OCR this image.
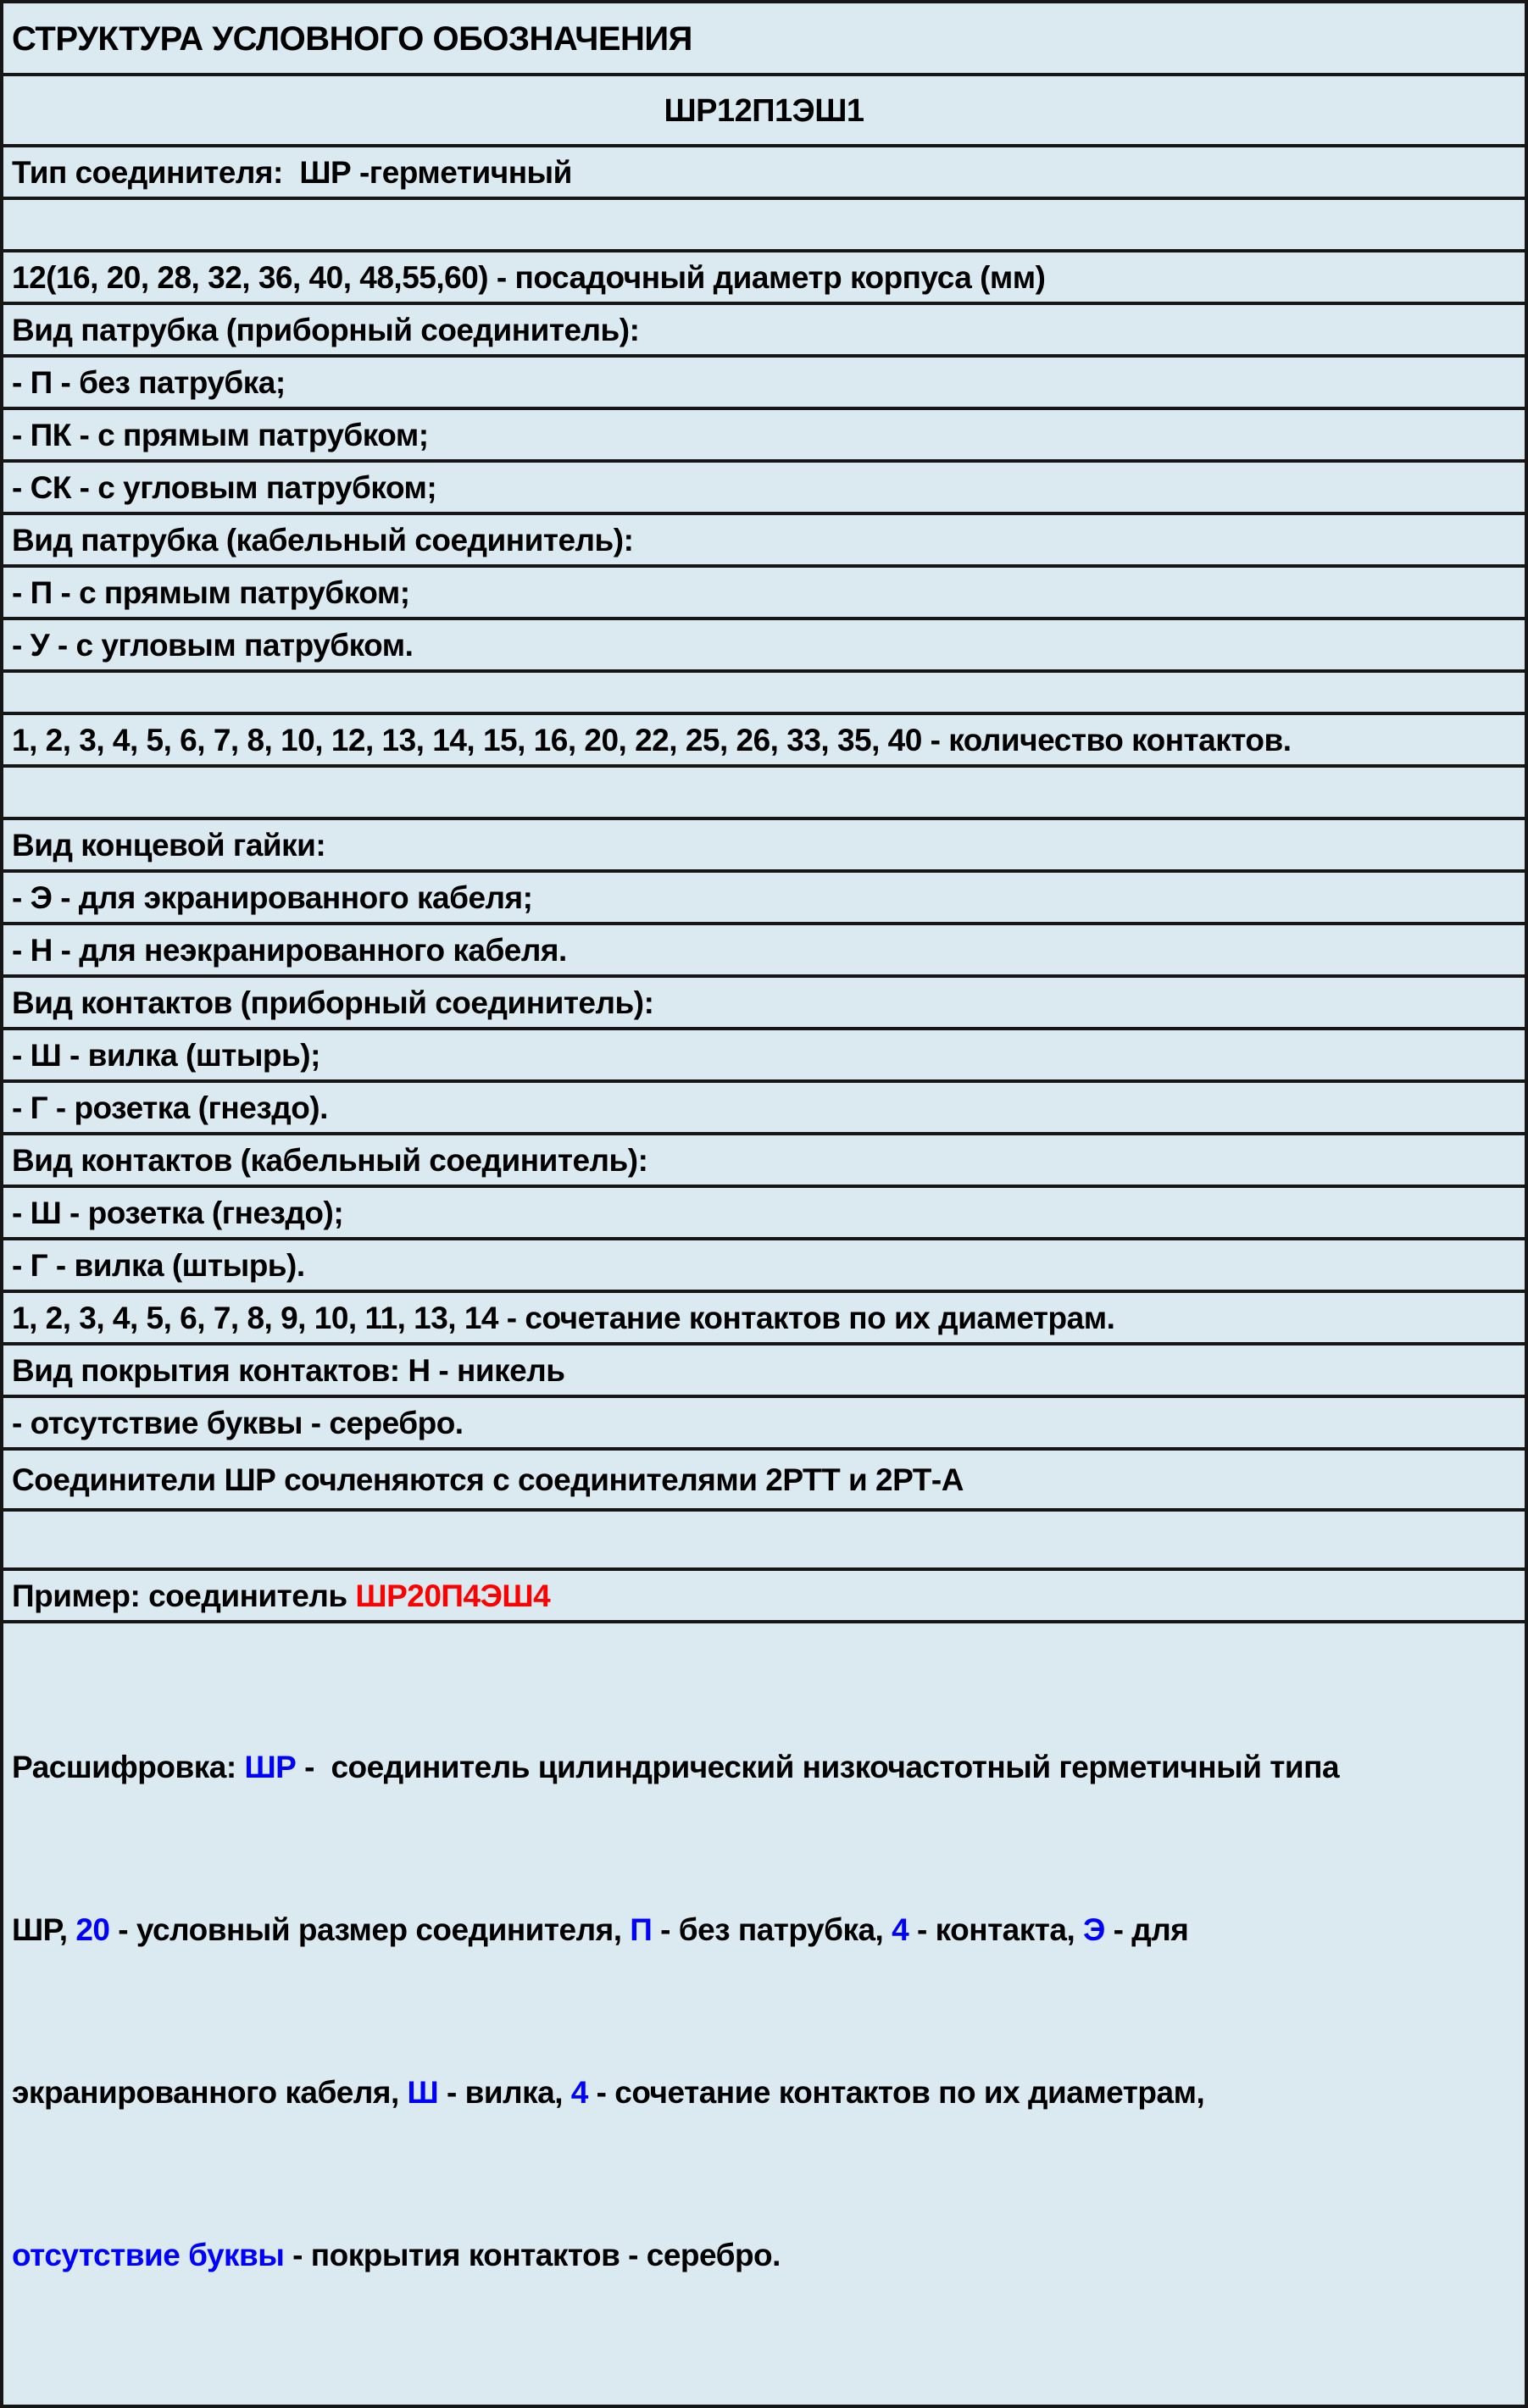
СТРУКТУРА УСЛОВНОГО ОБОЗНАЧЕНИЯ
ШР12П1ЭШ1
Тип соединителя:  ШР -герметичный
12(16, 20, 28, 32, 36, 40, 48,55,60) - посадочный диаметр корпуса (мм)
Вид патрубка (приборный соединитель):
- П - без патрубка;
- ПК - с прямым патрубком;
- СК - с угловым патрубком;
Вид патрубка (кабельный соединитель):
- П - с прямым патрубком;
- У - с угловым патрубком.
1, 2, 3, 4, 5, 6, 7, 8, 10, 12, 13, 14, 15, 16, 20, 22, 25, 26, 33, 35, 40 - количество контактов.
Вид концевой гайки:
- Э - для экранированного кабеля;
- Н - для неэкранированного кабеля.
Вид контактов (приборный соединитель):
- Ш - вилка (штырь);
- Г - розетка (гнездо).
Вид контактов (кабельный соединитель):
- Ш - розетка (гнездо);
- Г - вилка (штырь).
1, 2, 3, 4, 5, 6, 7, 8, 9, 10, 11, 13, 14 - сочетание контактов по их диаметрам.
Вид покрытия контактов: Н - никель
- отсутствие буквы - серебро.
Соединители ШР сочленяются с соединителями 2РТТ и 2РТ-А
Пример: соединитель ШР20П4ЭШ4

Расшифровка: ШР -  соединитель цилиндрический низкочастотный герметичный типа

ШР, 20 - условный размер соединителя, П - без патрубка, 4 - контакта, Э - для

экранированного кабеля, Ш - вилка, 4 - сочетание контактов по их диаметрам,

отсутствие буквы - покрытия контактов - серебро.
